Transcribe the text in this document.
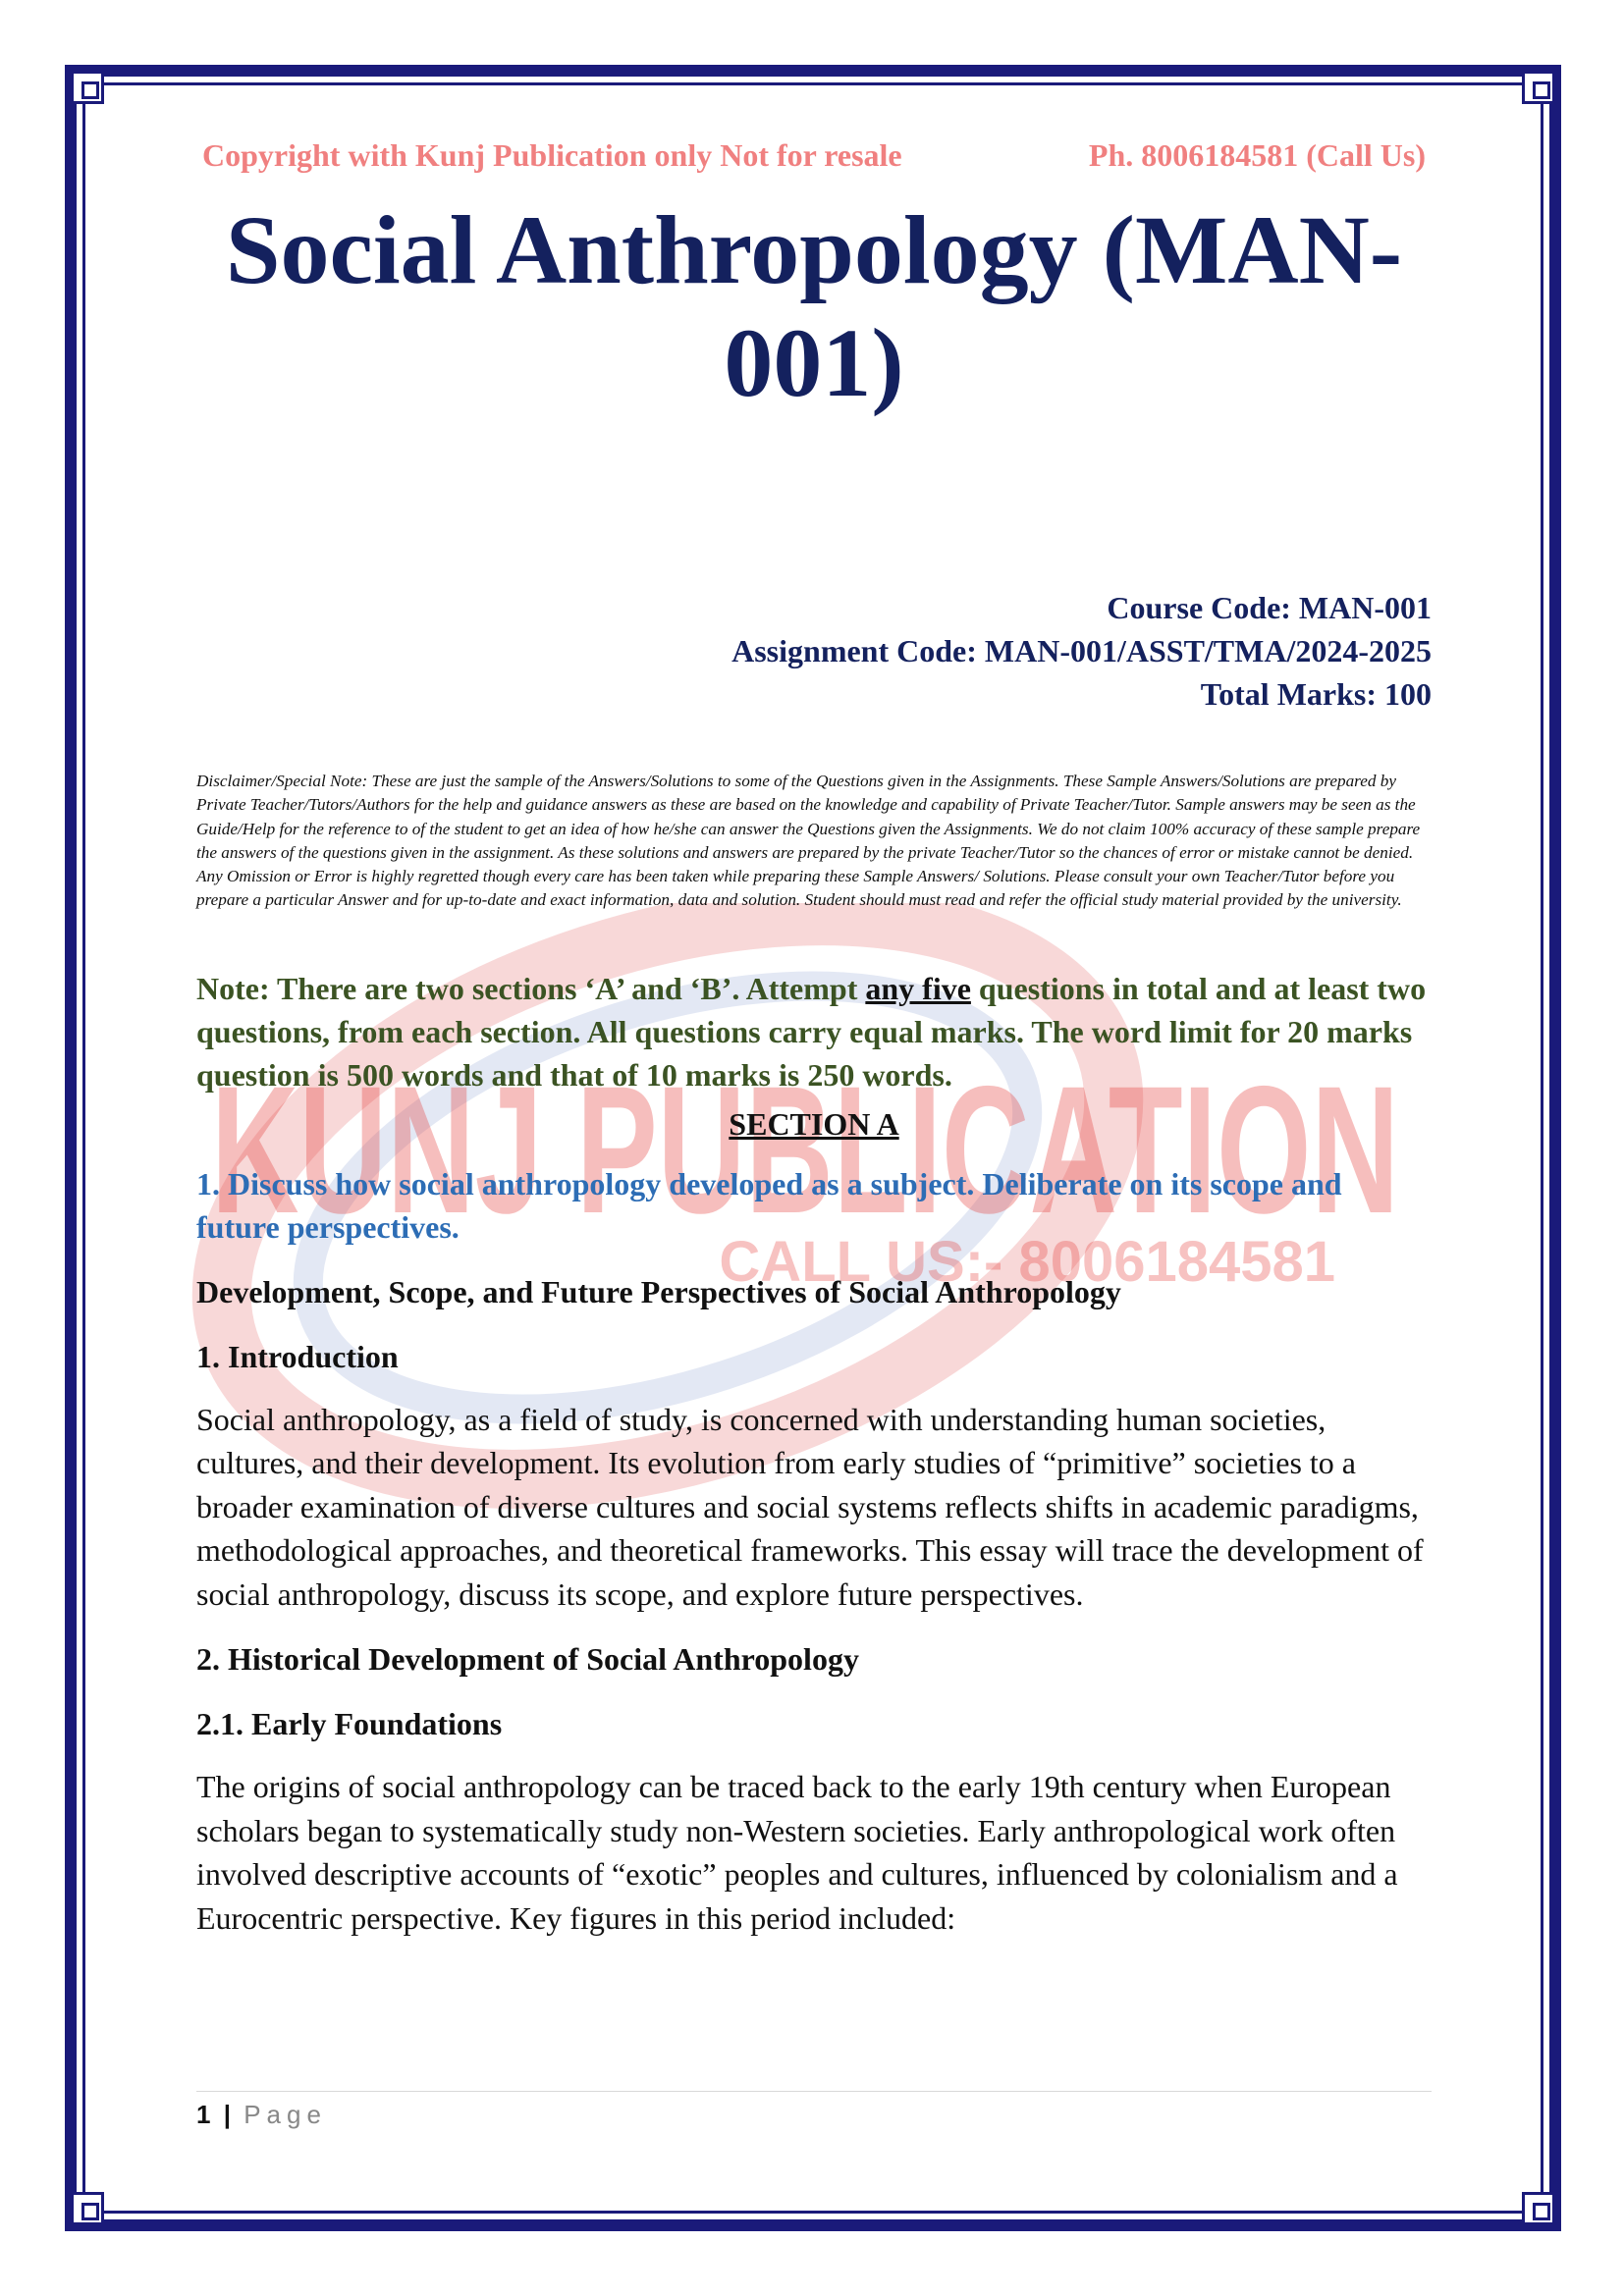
KUNJ PUBLICATION
CALL US:- 8006184581
Copyright with Kunj Publication only Not for resale	Ph. 8006184581 (Call Us)
Social Anthropology (MAN-001)
Course Code: MAN-001
Assignment Code: MAN-001/ASST/TMA/2024-2025
Total Marks: 100

Disclaimer/Special Note: These are just the sample of the Answers/Solutions to some of the Questions given in the Assignments. These Sample Answers/Solutions are prepared by Private Teacher/Tutors/Authors for the help and guidance answers as these are based on the knowledge and capability of Private Teacher/Tutor. Sample answers may be seen as the Guide/Help for the reference to of the student to get an idea of how he/she can answer the Questions given the Assignments. We do not claim 100% accuracy of these sample prepare the answers of the questions given in the assignment. As these solutions and answers are prepared by the private Teacher/Tutor so the chances of error or mistake cannot be denied. Any Omission or Error is highly regretted though every care has been taken while preparing these Sample Answers/ Solutions. Please consult your own Teacher/Tutor before you prepare a particular Answer and for up-to-date and exact information, data and solution. Student should must read and refer the official study material provided by the university.

Note: There are two sections ‘A’ and ‘B’. Attempt any five questions in total and at least two questions, from each section. All questions carry equal marks. The word limit for 20 marks question is 500 words and that of 10 marks is 250 words.

SECTION A

1. Discuss how social anthropology developed as a subject. Deliberate on its scope and future perspectives.

Development, Scope, and Future Perspectives of Social Anthropology
1. Introduction

Social anthropology, as a field of study, is concerned with understanding human societies, cultures, and their development. Its evolution from early studies of “primitive” societies to a broader examination of diverse cultures and social systems reflects shifts in academic paradigms, methodological approaches, and theoretical frameworks. This essay will trace the development of social anthropology, discuss its scope, and explore future perspectives.

2. Historical Development of Social Anthropology
2.1. Early Foundations

The origins of social anthropology can be traced back to the early 19th century when European scholars began to systematically study non-Western societies. Early anthropological work often involved descriptive accounts of “exotic” peoples and cultures, influenced by colonialism and a Eurocentric perspective. Key figures in this period included:

1 | Page
